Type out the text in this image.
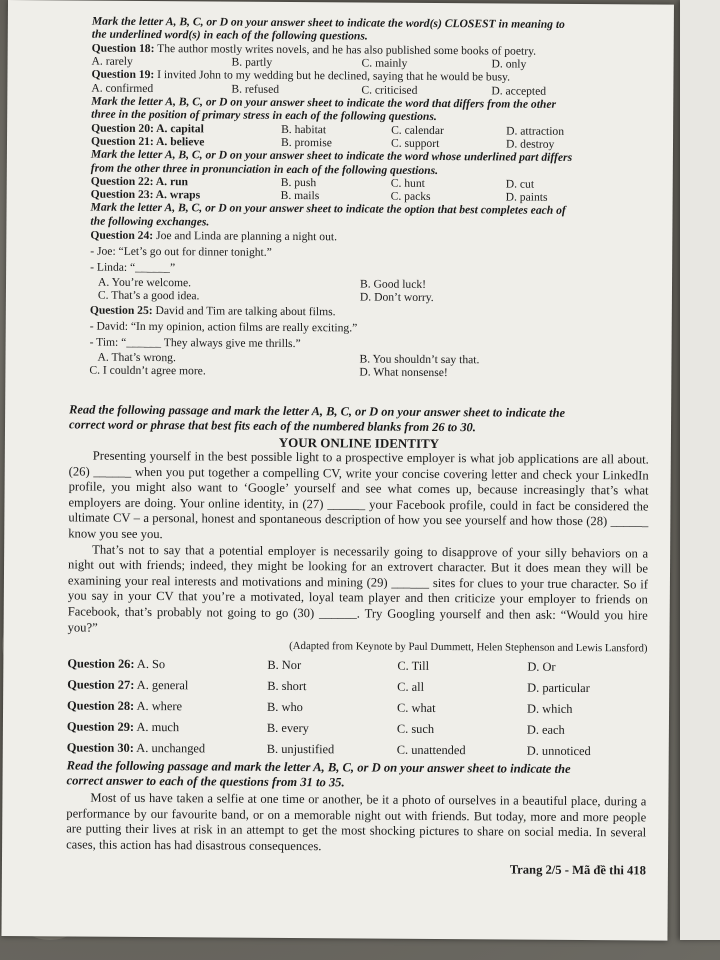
Mark the letter A, B, C, or D on your answer sheet to indicate the word(s) CLOSEST in meaning to
the underlined word(s) in each of the following questions.
Question 18: The author mostly writes novels, and he has also published some books of poetry.
A. rarely	B. partly	C. mainly	D. only
Question 19: I invited John to my wedding but he declined, saying that he would be busy.
A. confirmed	B. refused	C. criticised	D. accepted
Mark the letter A, B, C, or D on your answer sheet to indicate the word that differs from the other
three in the position of primary stress in each of the following questions.
Question 20: A. capital	B. habitat	C. calendar	D. attraction
Question 21: A. believe	B. promise	C. support	D. destroy
Mark the letter A, B, C, or D on your answer sheet to indicate the word whose underlined part differs
from the other three in pronunciation in each of the following questions.
Question 22: A. run	B. push	C. hunt	D. cut
Question 23: A. wraps	B. mails	C. packs	D. paints
Mark the letter A, B, C, or D on your answer sheet to indicate the option that best completes each of
the following exchanges.
Question 24: Joe and Linda are planning a night out.
- Joe: “Let’s go out for dinner tonight.”
- Linda: “______”
A. You’re welcome.	B. Good luck!
C. That’s a good idea.	D. Don’t worry.
Question 25: David and Tim are talking about films.
- David: “In my opinion, action films are really exciting.”
- Tim: “______ They always give me thrills.”
A. That’s wrong.	B. You shouldn’t say that.
C. I couldn’t agree more.	D. What nonsense!
Read the following passage and mark the letter A, B, C, or D on your answer sheet to indicate the
correct word or phrase that best fits each of the numbered blanks from 26 to 30.
YOUR ONLINE IDENTITY
Presenting yourself in the best possible light to a prospective employer is what job applications are all about. (26) ______ when you put together a compelling CV, write your concise covering letter and check your LinkedIn profile, you might also want to ‘Google’ yourself and see what comes up, because increasingly that’s what employers are doing. Your online identity, in (27) ______ your Facebook profile, could in fact be considered the ultimate CV – a personal, honest and spontaneous description of how you see yourself and how those (28) ______ know you see you.
That’s not to say that a potential employer is necessarily going to disapprove of your silly behaviors on a night out with friends; indeed, they might be looking for an extrovert character. But it does mean they will be examining your real interests and motivations and mining (29) ______ sites for clues to your true character. So if you say in your CV that you’re a motivated, loyal team player and then criticize your employer to friends on Facebook, that’s probably not going to go (30) ______. Try Googling yourself and then ask: “Would you hire you?”
(Adapted from Keynote by Paul Dummett, Helen Stephenson and Lewis Lansford)
Question 26: A. So	B. Nor	C. Till	D. Or
Question 27: A. general	B. short	C. all	D. particular
Question 28: A. where	B. who	C. what	D. which
Question 29: A. much	B. every	C. such	D. each
Question 30: A. unchanged	B. unjustified	C. unattended	D. unnoticed
Read the following passage and mark the letter A, B, C, or D on your answer sheet to indicate the
correct answer to each of the questions from 31 to 35.
Most of us have taken a selfie at one time or another, be it a photo of ourselves in a beautiful place, during a performance by our favourite band, or on a memorable night out with friends. But today, more and more people are putting their lives at risk in an attempt to get the most shocking pictures to share on social media. In several cases, this action has had disastrous consequences.
Trang 2/5 - Mã đề thi 418
